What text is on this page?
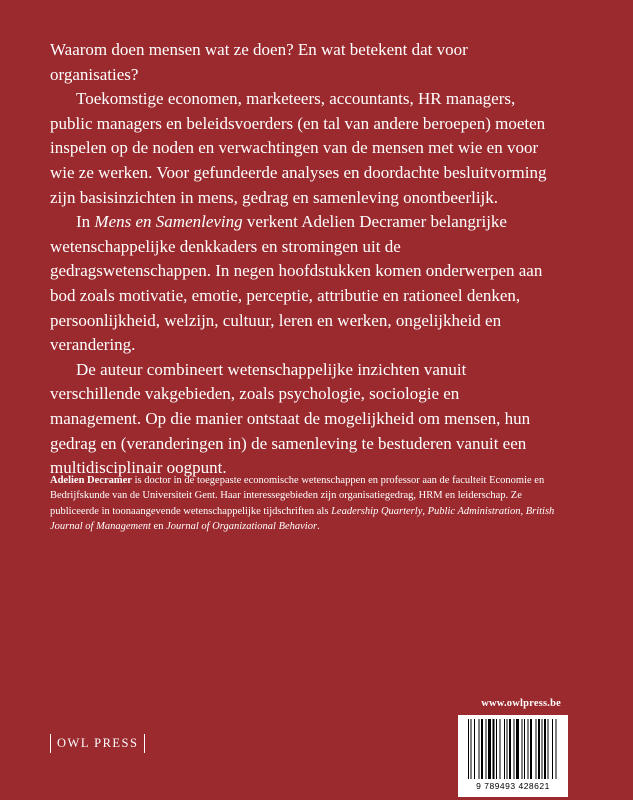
Waarom doen mensen wat ze doen? En wat betekent dat voor organisaties?

Toekomstige economen, marketeers, accountants, HR managers, public managers en beleidsvoerders (en tal van andere beroepen) moeten inspelen op de noden en verwachtingen van de mensen met wie en voor wie ze werken. Voor gefundeerde analyses en doordachte besluitvorming zijn basisinzichten in mens, gedrag en samenleving onontbeerlijk.

In Mens en Samenleving verkent Adelien Decramer belangrijke wetenschappelijke denkkaders en stromingen uit de gedragswetenschappen. In negen hoofdstukken komen onderwerpen aan bod zoals motivatie, emotie, perceptie, attributie en rationeel denken, persoonlijkheid, welzijn, cultuur, leren en werken, ongelijkheid en verandering.

De auteur combineert wetenschappelijke inzichten vanuit verschillende vakgebieden, zoals psychologie, sociologie en management. Op die manier ontstaat de mogelijkheid om mensen, hun gedrag en (veranderingen in) de samenleving te bestuderen vanuit een multidisciplinair oogpunt.

Adelien Decramer is doctor in de toegepaste economische wetenschappen en professor aan de faculteit Economie en Bedrijfskunde van de Universiteit Gent. Haar interessegebieden zijn organisatiegedrag, HRM en leiderschap. Ze publiceerde in toonaangevende wetenschappelijke tijdschriften als Leadership Quarterly, Public Administration, British Journal of Management en Journal of Organizational Behavior.

www.owlpress.be
OWL PRESS
9 789493 428621
